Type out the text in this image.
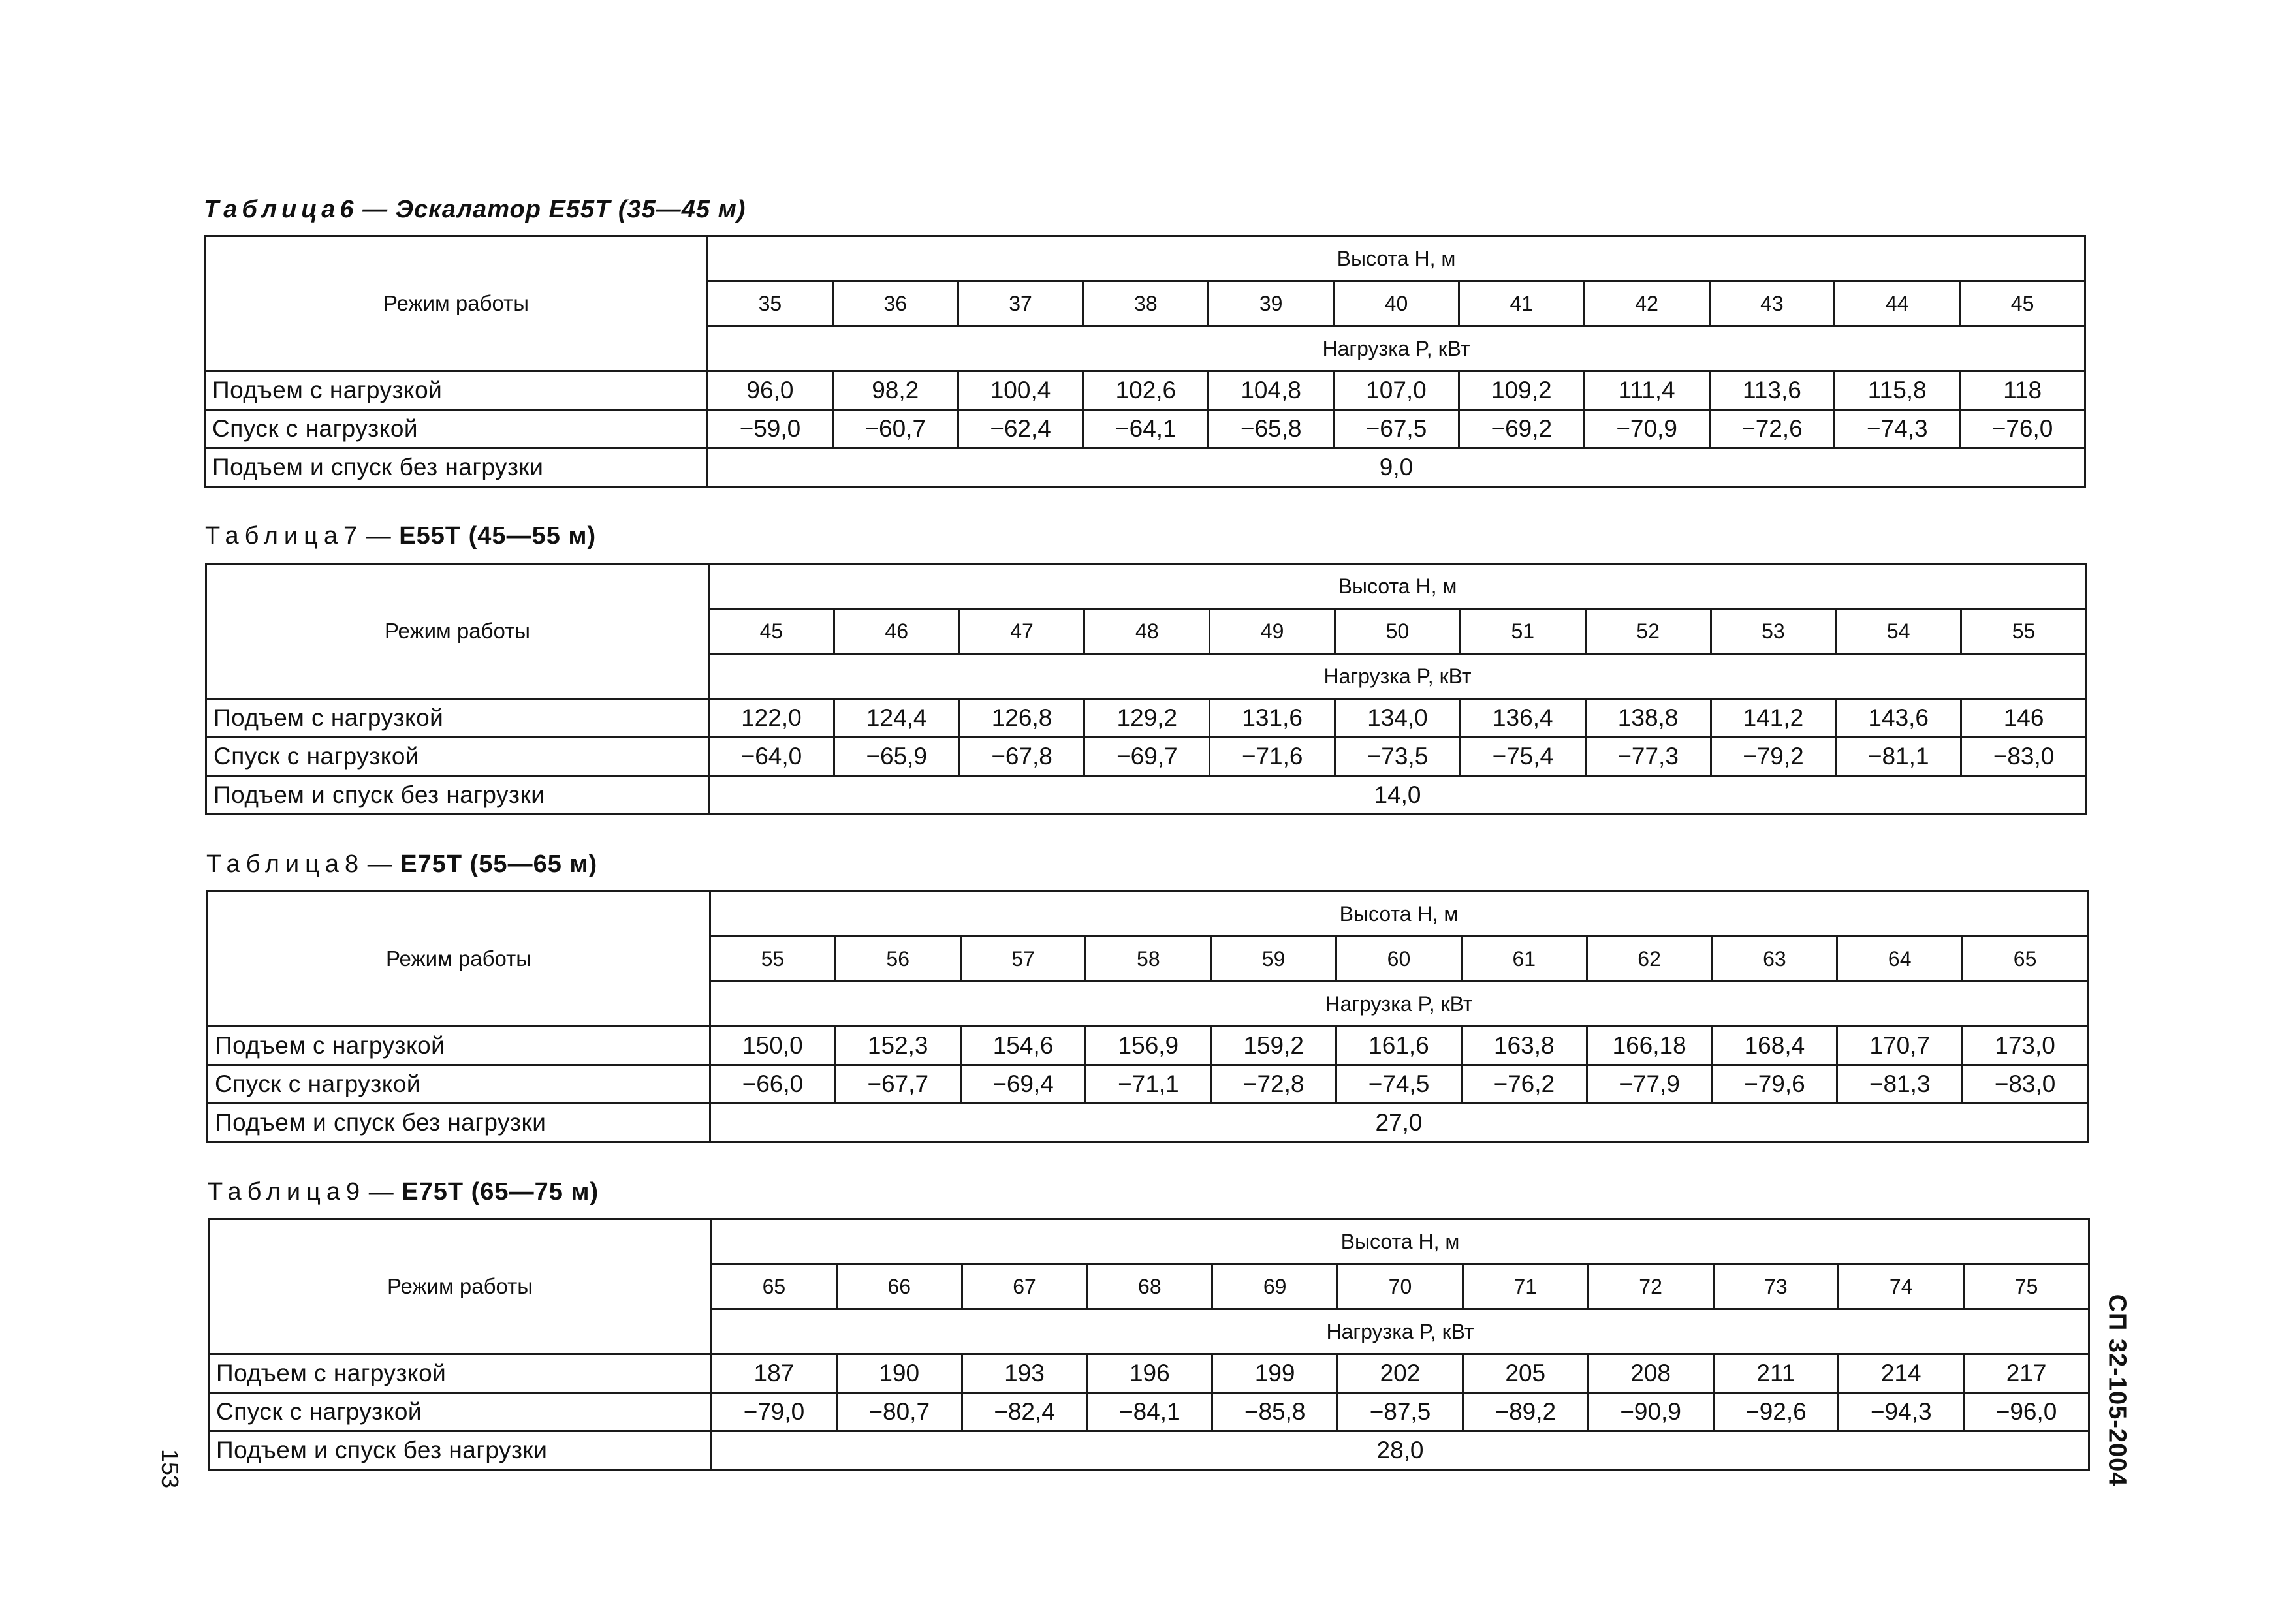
Таблица6 — Эскалатор Е55Т (35—45 м)
Режим работы	Высота H, м										
	35	36	37	38	39	40	41	42	43	44	45
	Нагрузка P, кВт										
Подъем с нагрузкой	96,0	98,2	100,4	102,6	104,8	107,0	109,2	111,4	113,6	115,8	118
Спуск с нагрузкой	−59,0	−60,7	−62,4	−64,1	−65,8	−67,5	−69,2	−70,9	−72,6	−74,3	−76,0
Подъем и спуск без нагрузки	9,0										
Таблица7 — Е55Т (45—55 м)
Режим работы	Высота H, м										
	45	46	47	48	49	50	51	52	53	54	55
	Нагрузка P, кВт										
Подъем с нагрузкой	122,0	124,4	126,8	129,2	131,6	134,0	136,4	138,8	141,2	143,6	146
Спуск с нагрузкой	−64,0	−65,9	−67,8	−69,7	−71,6	−73,5	−75,4	−77,3	−79,2	−81,1	−83,0
Подъем и спуск без нагрузки	14,0										
Таблица8 — Е75Т (55—65 м)
Режим работы	Высота H, м										
	55	56	57	58	59	60	61	62	63	64	65
	Нагрузка P, кВт										
Подъем с нагрузкой	150,0	152,3	154,6	156,9	159,2	161,6	163,8	166,18	168,4	170,7	173,0
Спуск с нагрузкой	−66,0	−67,7	−69,4	−71,1	−72,8	−74,5	−76,2	−77,9	−79,6	−81,3	−83,0
Подъем и спуск без нагрузки	27,0										
Таблица9 — Е75Т (65—75 м)
Режим работы	Высота H, м										
	65	66	67	68	69	70	71	72	73	74	75
	Нагрузка P, кВт										
Подъем с нагрузкой	187	190	193	196	199	202	205	208	211	214	217
Спуск с нагрузкой	−79,0	−80,7	−82,4	−84,1	−85,8	−87,5	−89,2	−90,9	−92,6	−94,3	−96,0
Подъем и спуск без нагрузки	28,0											СП 32-105-2004
153
